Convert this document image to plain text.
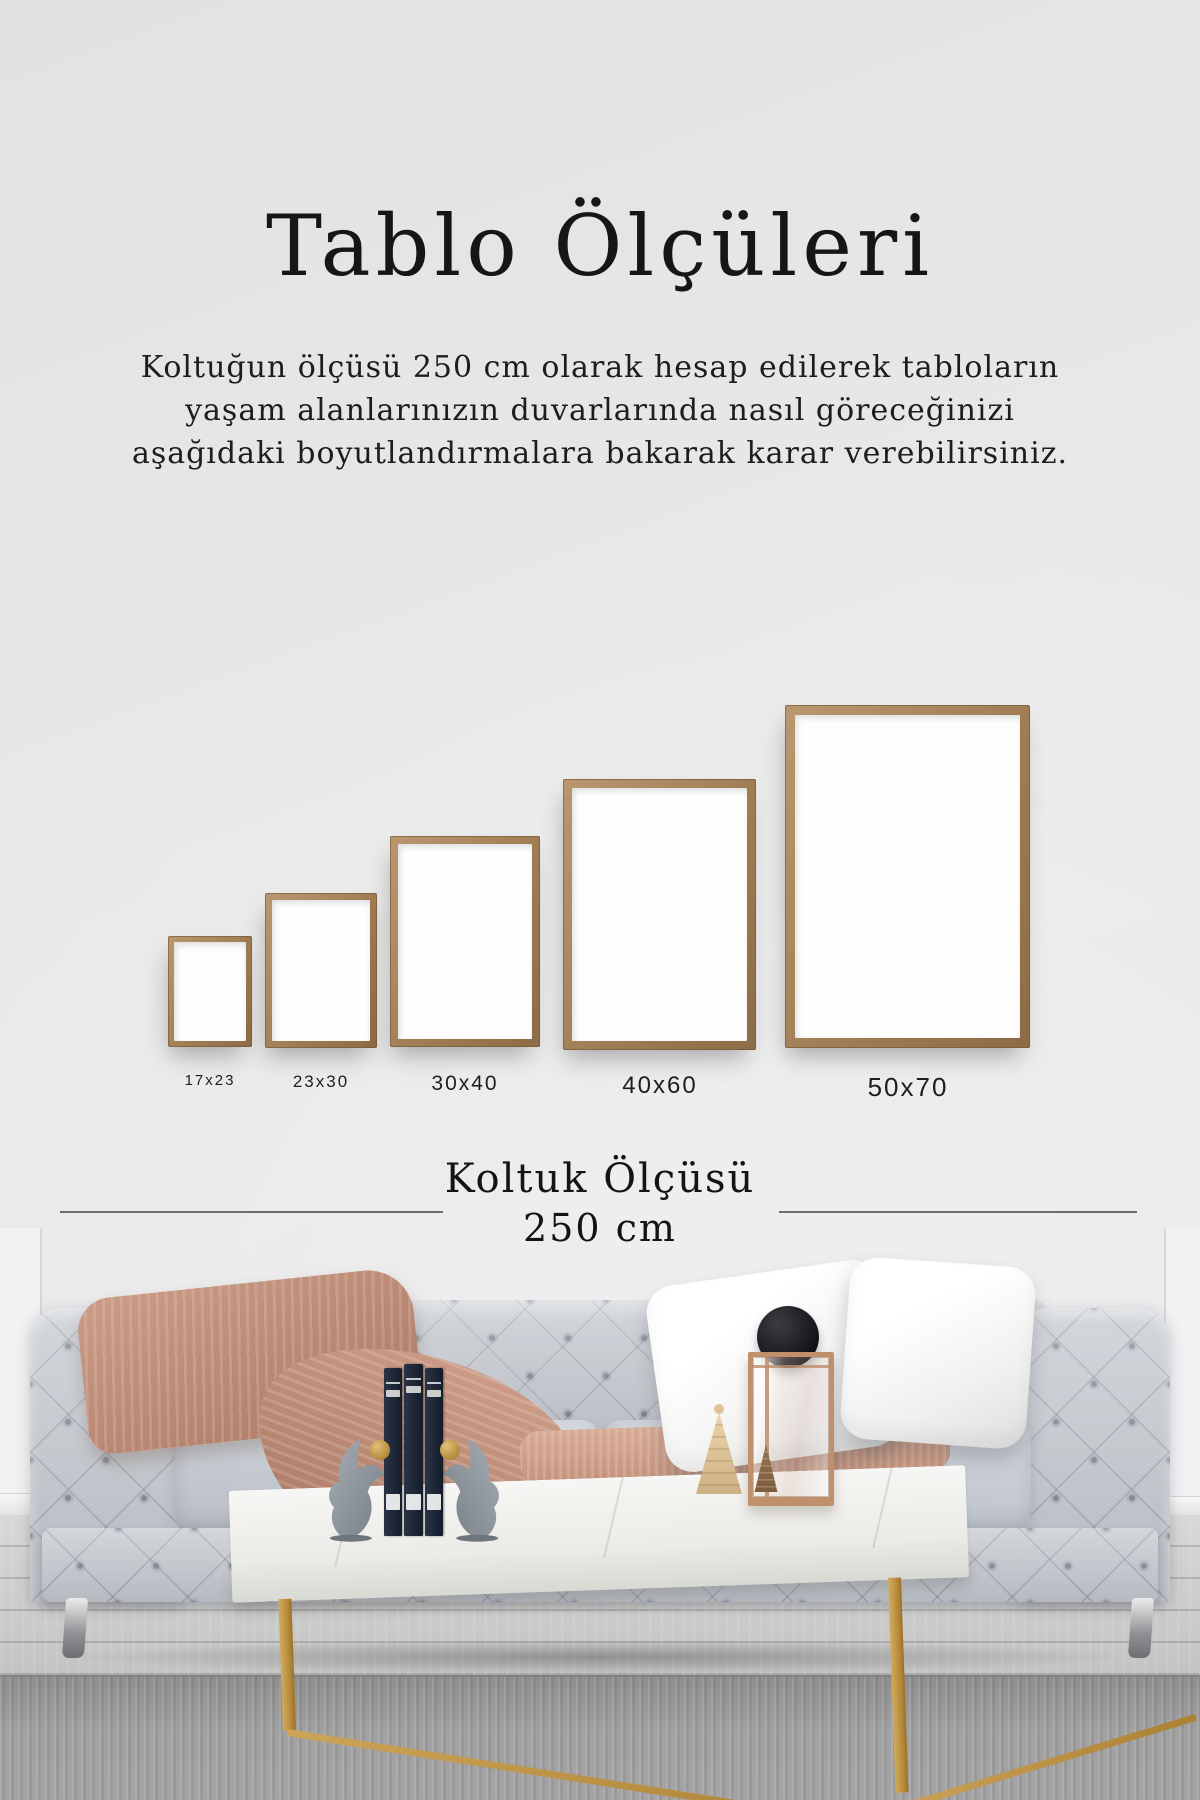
Tablo Ölçüleri
Koltuğun ölçüsü 250 cm olarak hesap edilerek tabloların
yaşam alanlarınızın duvarlarında nasıl göreceğinizi
aşağıdaki boyutlandırmalara bakarak karar verebilirsiniz.
17x23	23x30	30x40	40x60	50x70
Koltuk Ölçüsü
250 cm
